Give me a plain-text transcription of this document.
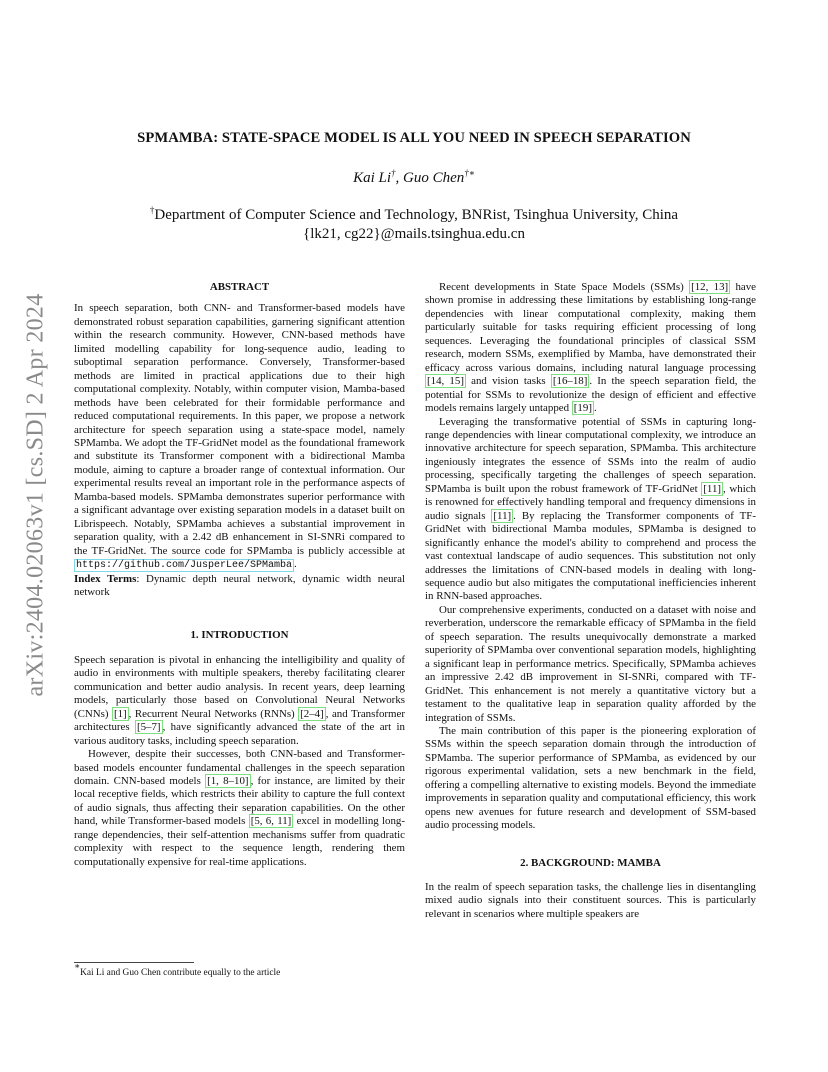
arXiv:2404.02063v1 [cs.SD] 2 Apr 2024
SPMAMBA: STATE-SPACE MODEL IS ALL YOU NEED IN SPEECH SEPARATION
Kai Li†, Guo Chen†∗
†Department of Computer Science and Technology, BNRist, Tsinghua University, China
{lk21, cg22}@mails.tsinghua.edu.cn
ABSTRACT

In speech separation, both CNN- and Transformer-based models have demonstrated robust separation capabilities, garnering significant attention within the research community. However, CNN-based methods have limited modelling capability for long-sequence audio, leading to suboptimal separation performance. Conversely, Transformer-based methods are limited in practical applications due to their high computational complexity. Notably, within computer vision, Mamba-based methods have been celebrated for their formidable performance and reduced computational requirements. In this paper, we propose a network architecture for speech separation using a state-space model, namely SPMamba. We adopt the TF-GridNet model as the foundational framework and substitute its Transformer component with a bidirectional Mamba module, aiming to capture a broader range of contextual information. Our experimental results reveal an important role in the performance aspects of Mamba-based models. SPMamba demonstrates superior performance with a significant advantage over existing separation models in a dataset built on Librispeech. Notably, SPMamba achieves a substantial improvement in separation quality, with a 2.42 dB enhancement in SI-SNRi compared to the TF-GridNet. The source code for SPMamba is publicly accessible at https://github.com/JusperLee/SPMamba .

Index Terms: Dynamic depth neural network, dynamic width neural network

1. INTRODUCTION

Speech separation is pivotal in enhancing the intelligibility and quality of audio in environments with multiple speakers, thereby facilitating clearer communication and better audio analysis. In recent years, deep learning models, particularly those based on Convolutional Neural Networks (CNNs) [1] , Recurrent Neural Networks (RNNs) [2–4] , and Transformer architectures [5–7] , have significantly advanced the state of the art in various auditory tasks, including speech separation.

However, despite their successes, both CNN-based and Transformer-based models encounter fundamental challenges in the speech separation domain. CNN-based models [1, 8–10] , for instance, are limited by their local receptive fields, which restricts their ability to capture the full context of audio signals, thus affecting their separation capabilities. On the other hand, while Transformer-based models [5, 6, 11] excel in modelling long-range dependencies, their self-attention mechanisms suffer from quadratic complexity with respect to the sequence length, rendering them computationally expensive for real-time applications.

Recent developments in State Space Models (SSMs) [12, 13] have shown promise in addressing these limitations by establishing long-range dependencies with linear computational complexity, making them particularly suitable for tasks requiring efficient processing of long sequences. Leveraging the foundational principles of classical SSM research, modern SSMs, exemplified by Mamba, have demonstrated their efficacy across various domains, including natural language processing [14, 15] and vision tasks [16–18] . In the speech separation field, the potential for SSMs to revolutionize the design of efficient and effective models remains largely untapped [19] .

Leveraging the transformative potential of SSMs in capturing long-range dependencies with linear computational complexity, we introduce an innovative architecture for speech separation, SPMamba. This architecture ingeniously integrates the essence of SSMs into the realm of audio processing, specifically targeting the challenges of speech separation. SPMamba is built upon the robust framework of TF-GridNet [11] , which is renowned for effectively handling temporal and frequency dimensions in audio signals [11] . By replacing the Transformer components of TF-GridNet with bidirectional Mamba modules, SPMamba is designed to significantly enhance the model's ability to comprehend and process the vast contextual landscape of audio sequences. This substitution not only addresses the limitations of CNN-based models in dealing with long-sequence audio but also mitigates the computational inefficiencies inherent in RNN-based approaches.

Our comprehensive experiments, conducted on a dataset with noise and reverberation, underscore the remarkable efficacy of SPMamba in the field of speech separation. The results unequivocally demonstrate a marked superiority of SPMamba over conventional separation models, highlighting a significant leap in performance metrics. Specifically, SPMamba achieves an impressive 2.42 dB improvement in SI-SNRi, compared with TF-GridNet. This enhancement is not merely a quantitative victory but a testament to the qualitative leap in separation quality afforded by the integration of SSMs.

The main contribution of this paper is the pioneering exploration of SSMs within the speech separation domain through the introduction of SPMamba. The superior performance of SPMamba, as evidenced by our rigorous experimental validation, sets a new benchmark in the field, offering a compelling alternative to existing models. Beyond the immediate improvements in separation quality and computational efficiency, this work opens new avenues for future research and development of SSM-based audio processing models.

2. BACKGROUND: MAMBA

In the realm of speech separation tasks, the challenge lies in disentangling mixed audio signals into their constituent sources. This is particularly relevant in scenarios where multiple speakers are

∗Kai Li and Guo Chen contribute equally to the article
